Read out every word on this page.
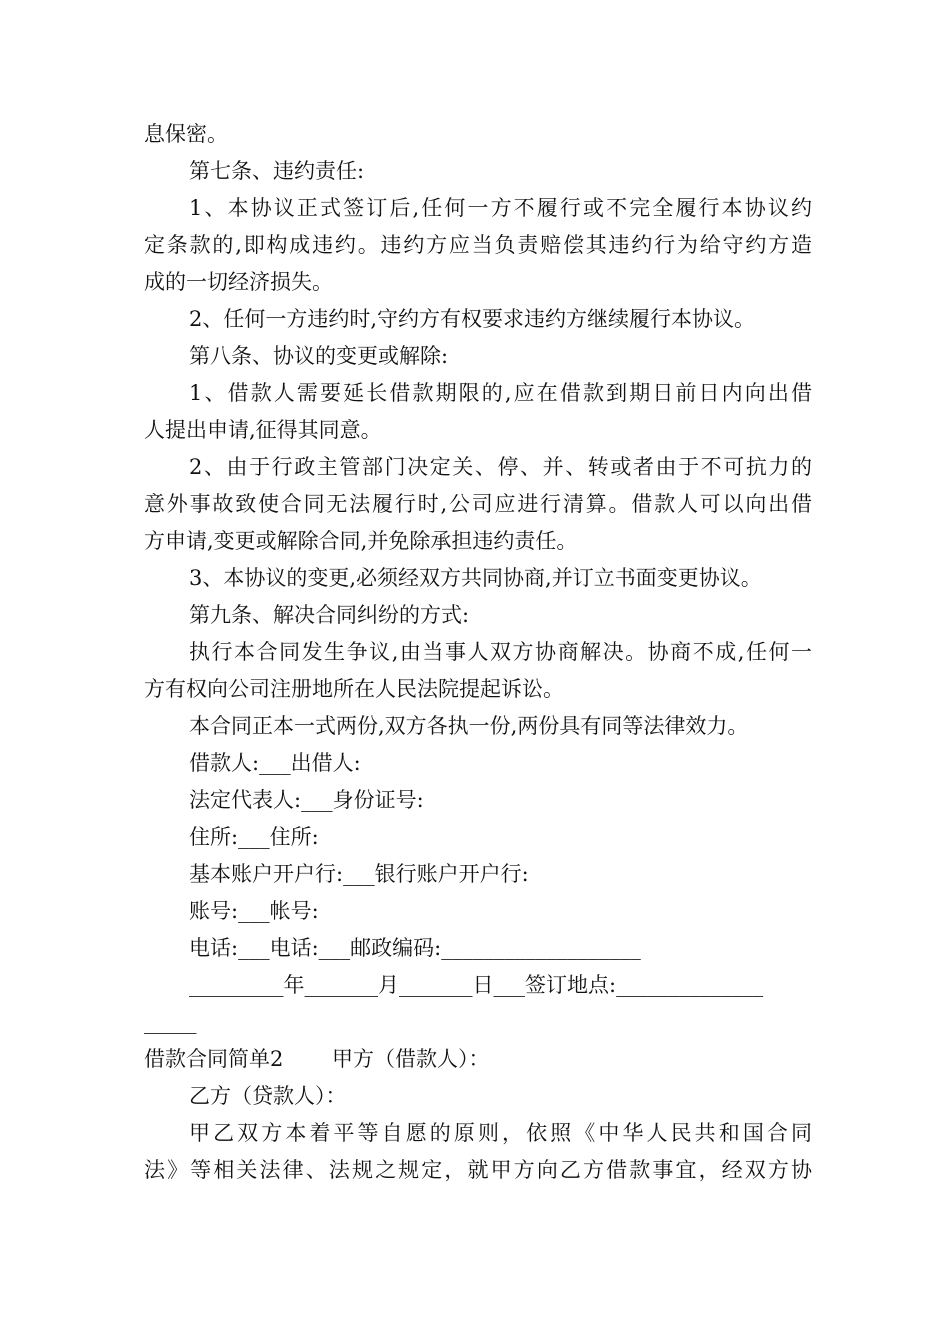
息保密。

第七条、违约责任:

1、本协议正式签订后,任何一方不履行或不完全履行本协议约

定条款的,即构成违约。违约方应当负责赔偿其违约行为给守约方造

成的一切经济损失。

2、任何一方违约时,守约方有权要求违约方继续履行本协议。

第八条、协议的变更或解除:

1、借款人需要延长借款期限的,应在借款到期日前日内向出借

人提出申请,征得其同意。

2、由于行政主管部门决定关、停、并、转或者由于不可抗力的

意外事故致使合同无法履行时,公司应进行清算。借款人可以向出借

方申请,变更或解除合同,并免除承担违约责任。

3、本协议的变更,必须经双方共同协商,并订立书面变更协议。

第九条、解决合同纠纷的方式:

执行本合同发生争议,由当事人双方协商解决。协商不成,任何一

方有权向公司注册地所在人民法院提起诉讼。

本合同正本一式两份,双方各执一份,两份具有同等法律效力。

借款人:___出借人:

法定代表人:___身份证号:

住所:___住所:

基本账户开户行:___银行账户开户行:

账号:___帐号:

电话:___电话:___邮政编码:___________________

_________年_______月_______日___签订地点:______________

_____

借款合同简单2　　 甲方（借款人）：

乙方（贷款人）：

甲乙双方本着平等自愿的原则，依照《中华人民共和国合同

法》等相关法律、法规之规定，就甲方向乙方借款事宜，经双方协
